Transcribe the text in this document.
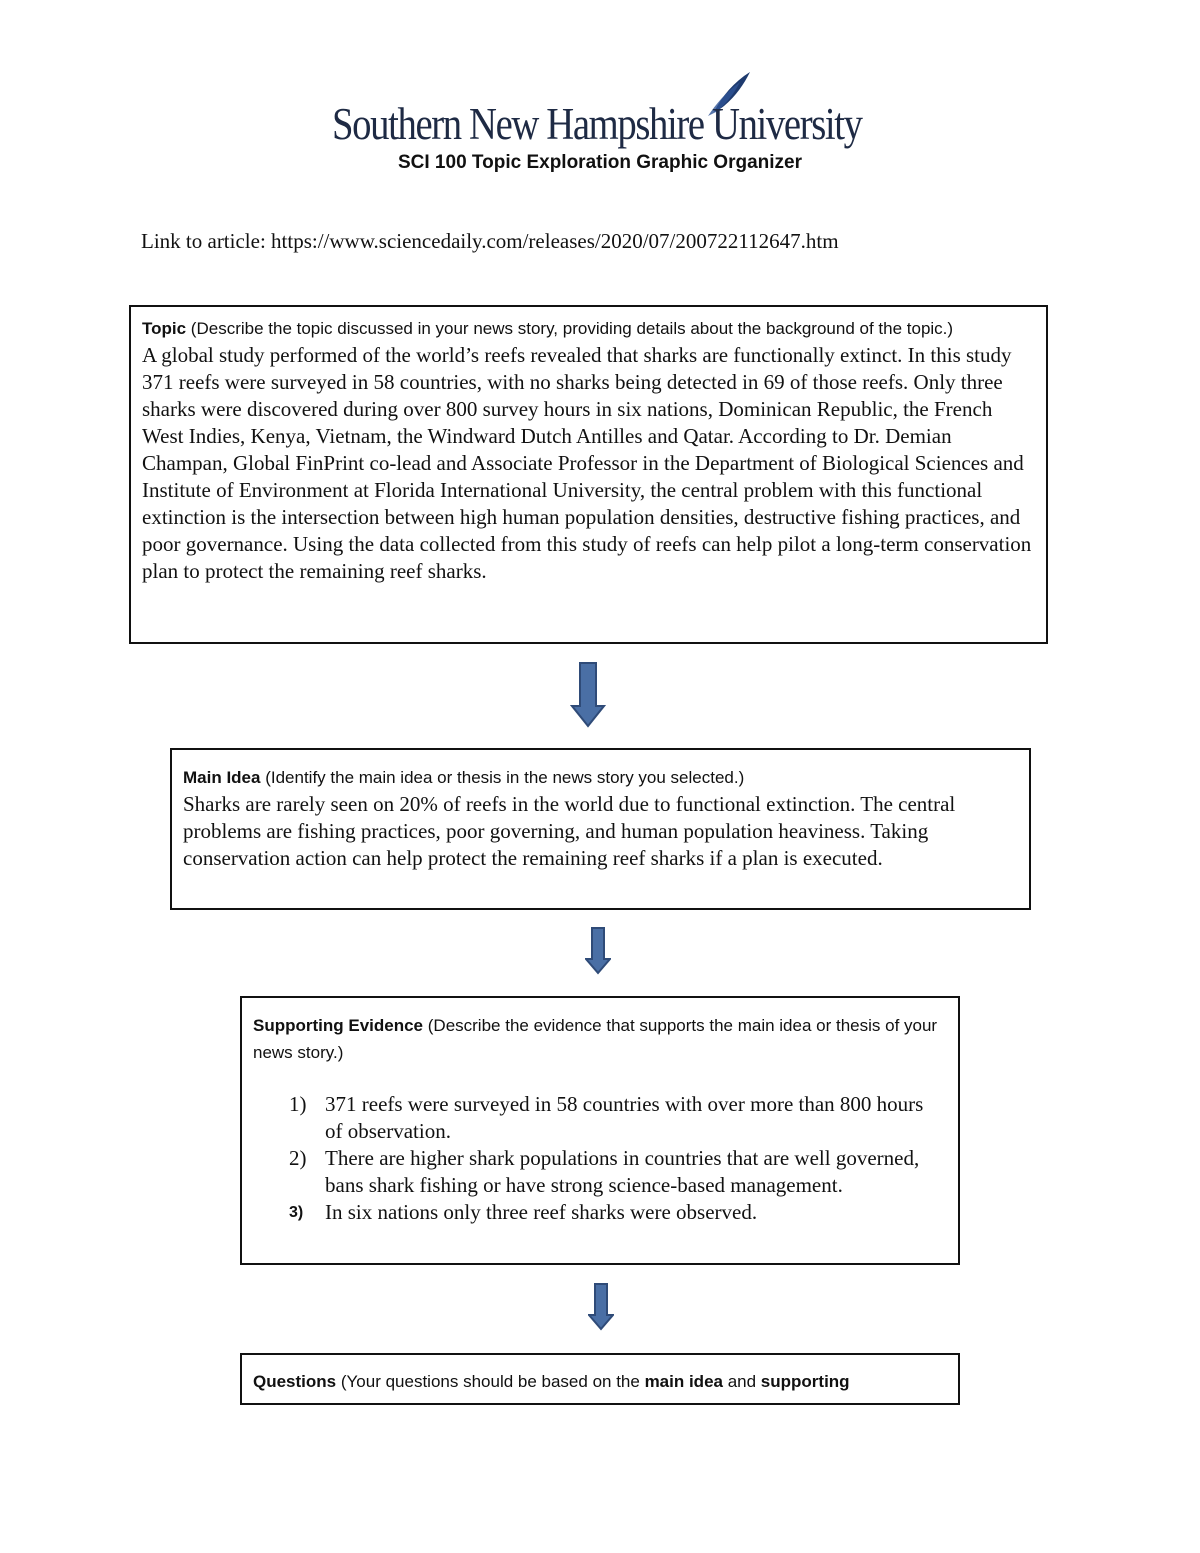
Southern New Hampshire University
SCI 100 Topic Exploration Graphic Organizer
Link to article: https://www.sciencedaily.com/releases/2020/07/200722112647.htm
Topic (Describe the topic discussed in your news story, providing details about the background of the topic.)
A global study performed of the world’s reefs revealed that sharks are functionally extinct. In this study 371 reefs were surveyed in 58 countries, with no sharks being detected in 69 of those reefs. Only three sharks were discovered during over 800 survey hours in six nations, Dominican Republic, the French West Indies, Kenya, Vietnam, the Windward Dutch Antilles and Qatar. According to Dr. Demian Champan, Global FinPrint co-lead and Associate Professor in the Department of Biological Sciences and Institute of Environment at Florida International University, the central problem with this functional extinction is the intersection between high human population densities, destructive fishing practices, and poor governance. Using the data collected from this study of reefs can help pilot a long-term conservation plan to protect the remaining reef sharks.
Main Idea (Identify the main idea or thesis in the news story you selected.)
Sharks are rarely seen on 20% of reefs in the world due to functional extinction. The central problems are fishing practices, poor governing, and human population heaviness. Taking conservation action can help protect the remaining reef sharks if a plan is executed.
Supporting Evidence (Describe the evidence that supports the main idea or thesis of your news story.)
1) 371 reefs were surveyed in 58 countries with over more than 800 hours of observation.
2) There are higher shark populations in countries that are well governed, bans shark fishing or have strong science-based management.
3)	In six nations only three reef sharks were observed.
Questions (Your questions should be based on the main idea and supporting
